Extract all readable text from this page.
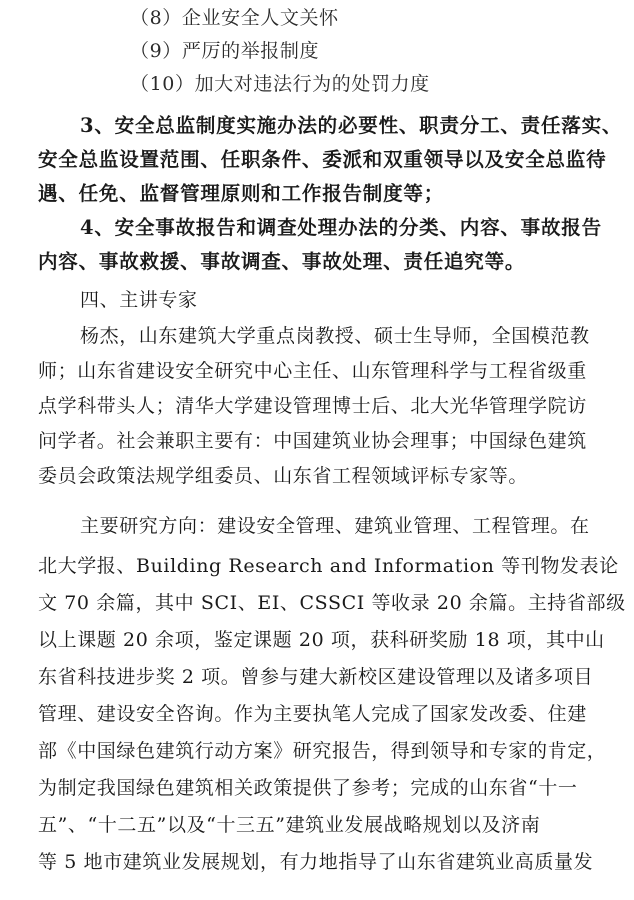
（8）企业安全人文关怀
（9）严厉的举报制度
（10）加大对违法行为的处罚力度
3、安全总监制度实施办法的必要性、职责分工、责任落实、
安全总监设置范围、任职条件、委派和双重领导以及安全总监待
遇、任免、监督管理原则和工作报告制度等；
4、安全事故报告和调查处理办法的分类、内容、事故报告
内容、事故救援、事故调查、事故处理、责任追究等。
四、主讲专家
杨杰，山东建筑大学重点岗教授、硕士生导师，全国模范教
师；山东省建设安全研究中心主任、山东管理科学与工程省级重
点学科带头人；清华大学建设管理博士后、北大光华管理学院访
问学者。社会兼职主要有：中国建筑业协会理事；中国绿色建筑
委员会政策法规学组委员、山东省工程领域评标专家等。
主要研究方向：建设安全管理、建筑业管理、工程管理。在
北大学报、Building Research and Information 等刊物发表论
文 70 余篇，其中 SCI、EI、CSSCI 等收录 20 余篇。主持省部级
以上课题 20 余项，鉴定课题 20 项，获科研奖励 18 项，其中山
东省科技进步奖 2 项。曾参与建大新校区建设管理以及诸多项目
管理、建设安全咨询。作为主要执笔人完成了国家发改委、住建
部《中国绿色建筑行动方案》研究报告，得到领导和专家的肯定，
为制定我国绿色建筑相关政策提供了参考；完成的山东省“十一
五”、“十二五”以及“十三五”建筑业发展战略规划以及济南
等 5 地市建筑业发展规划，有力地指导了山东省建筑业高质量发
